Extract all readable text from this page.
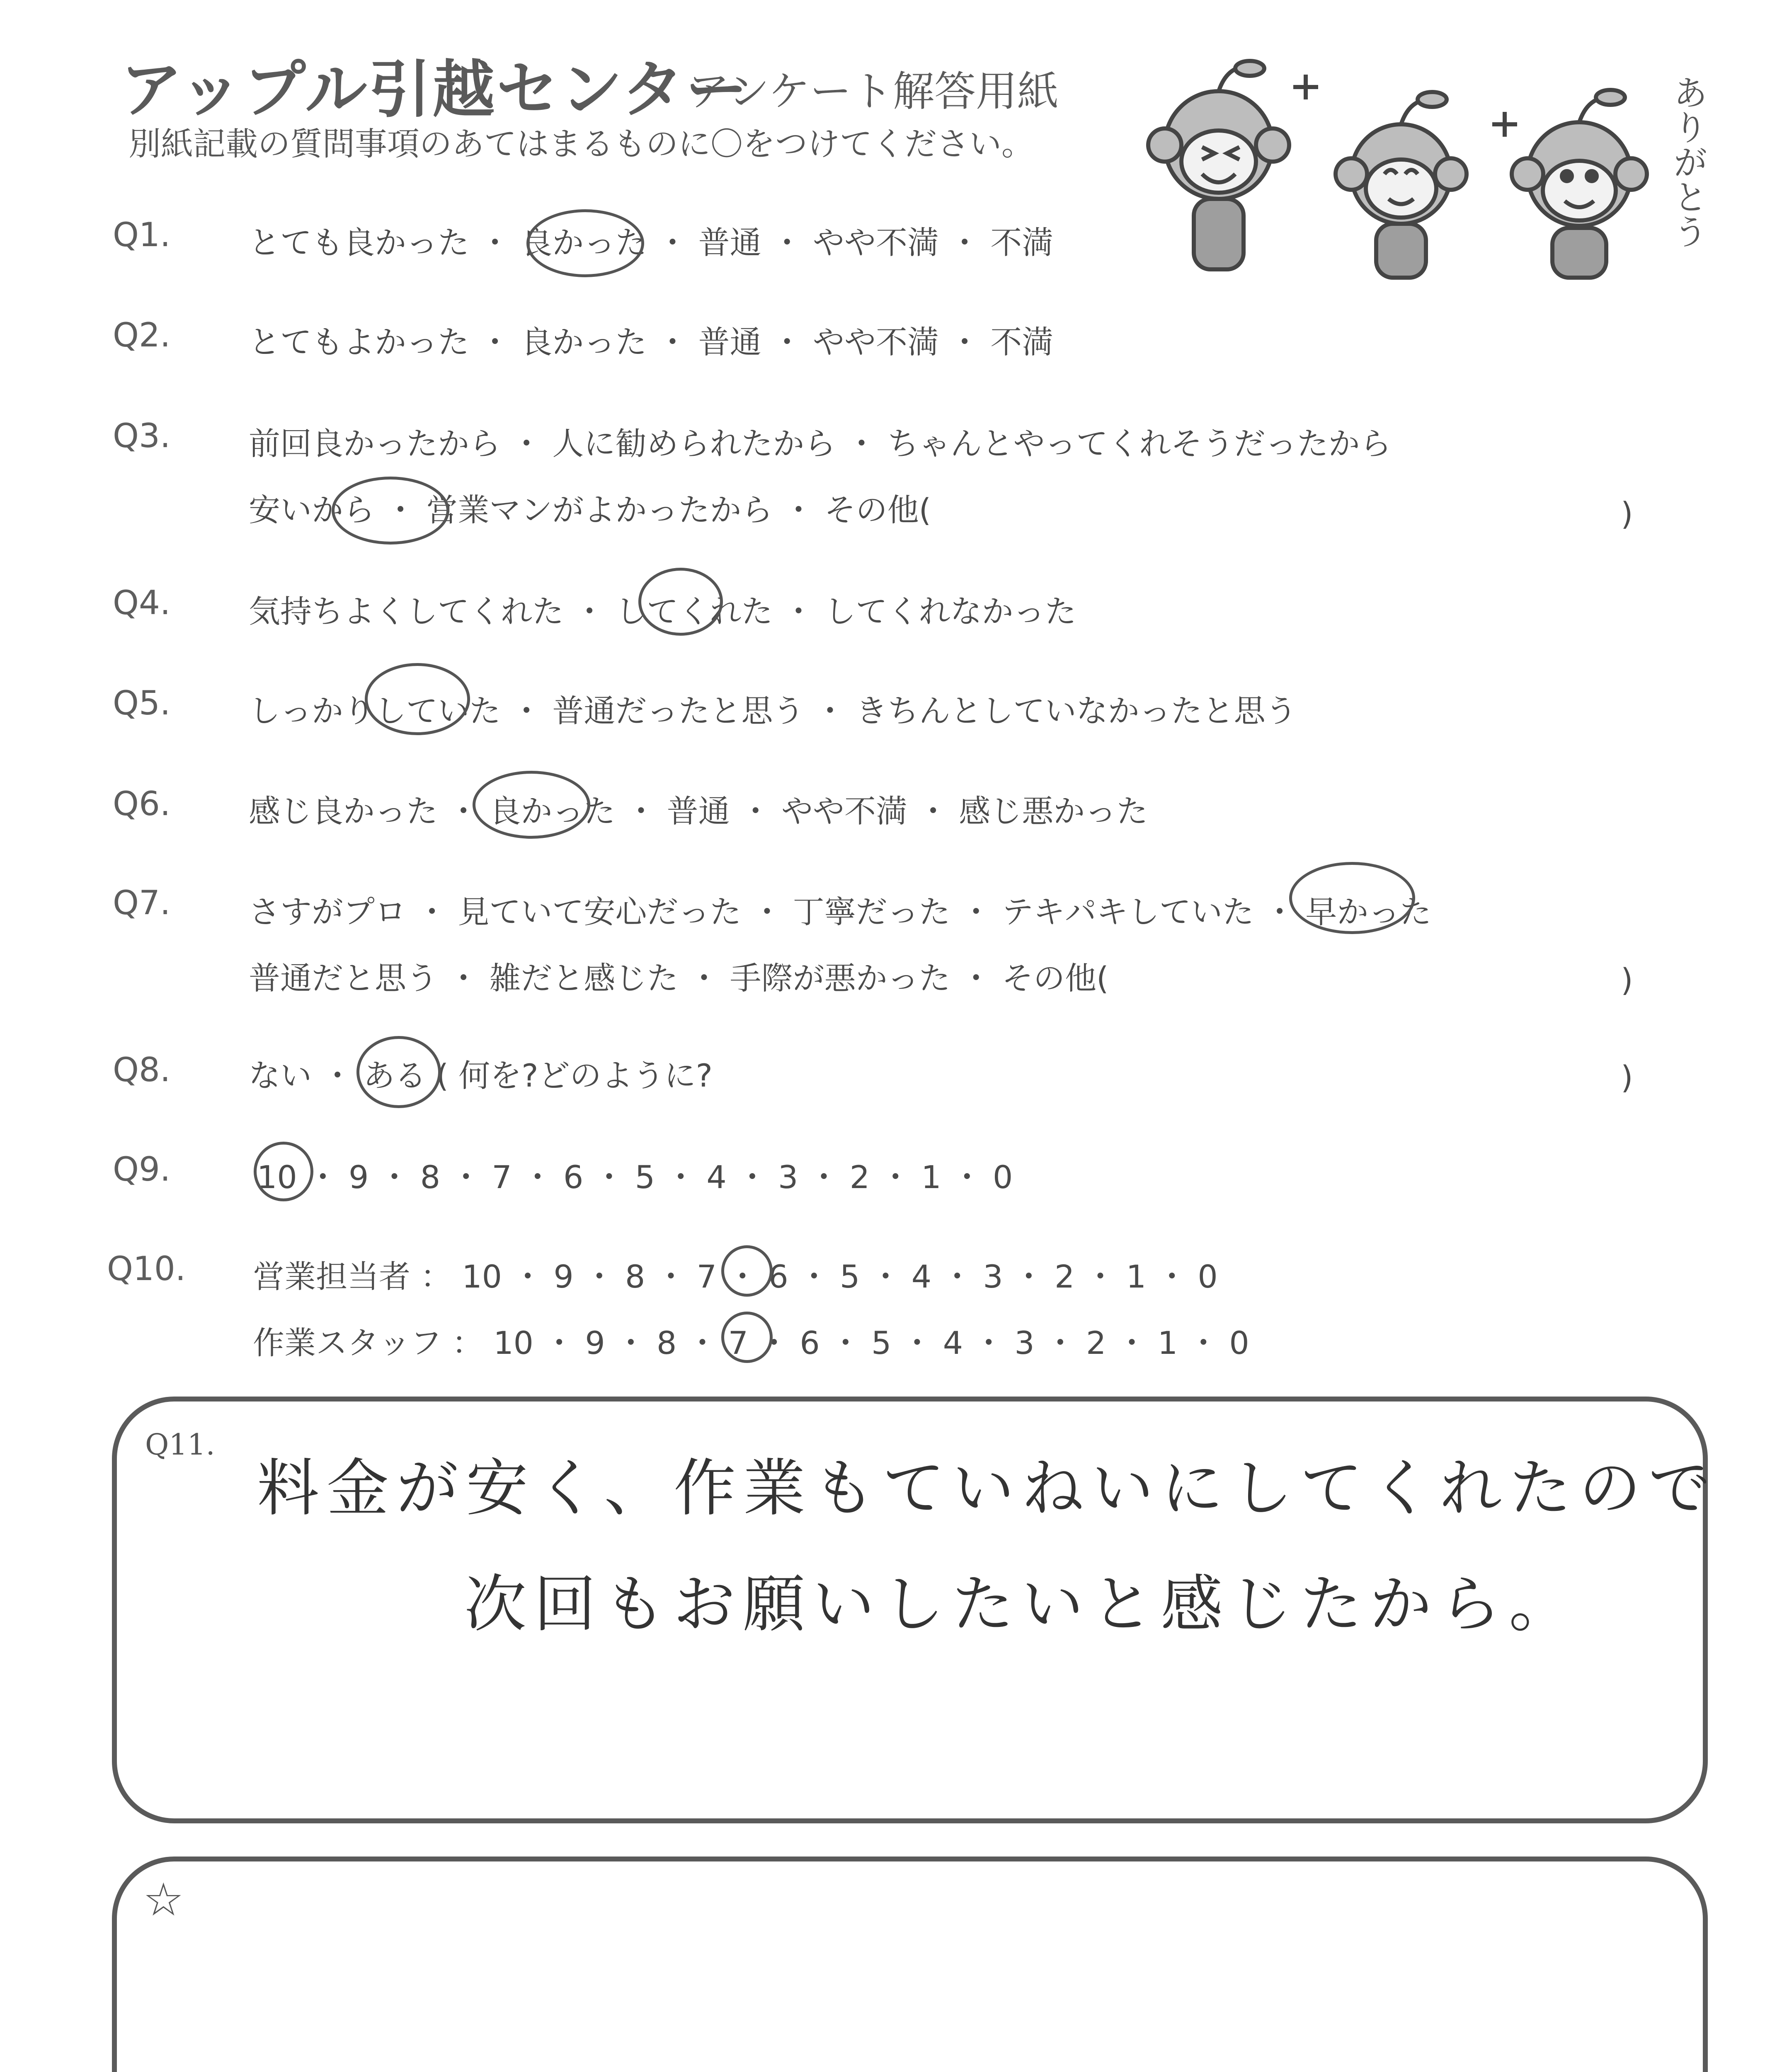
アップル引越センター
アンケート解答用紙
別紙記載の質問事項のあてはまるものに〇をつけてください。	ありがとう
Q1. とても良かった ・ 良かった ・ 普通 ・ やや不満 ・ 不満
Q2. とてもよかった ・ 良かった ・ 普通 ・ やや不満 ・ 不満
Q3. 前回良かったから ・ 人に勧められたから ・ ちゃんとやってくれそうだったから
安いから ・ 営業マンがよかったから ・ その他(	)
Q4. 気持ちよくしてくれた ・ してくれた ・ してくれなかった
Q5. しっかりしていた ・ 普通だったと思う ・ きちんとしていなかったと思う
Q6. 感じ良かった ・ 良かった ・ 普通 ・ やや不満 ・ 感じ悪かった
Q7. さすがプロ ・ 見ていて安心だった ・ 丁寧だった ・ テキパキしていた ・ 早かった
普通だと思う ・ 雑だと感じた ・ 手際が悪かった ・ その他(	)
Q8. ない ・ ある ( 何を?どのように?	)
Q9.	10 ・ 9 ・ 8 ・ 7 ・ 6 ・ 5 ・ 4 ・ 3 ・ 2 ・ 1 ・ 0
Q10. 営業担当者 ： 10 ・ 9 ・ 8 ・ 7 ・ 6 ・ 5 ・ 4 ・ 3 ・ 2 ・ 1 ・ 0
作業スタッフ ： 10 ・ 9 ・ 8 ・ 7 ・ 6 ・ 5 ・ 4 ・ 3 ・ 2 ・ 1 ・ 0
Q11.
料金が安く、作業もていねいにしてくれたので
次回もお願いしたいと感じたから。
☆
